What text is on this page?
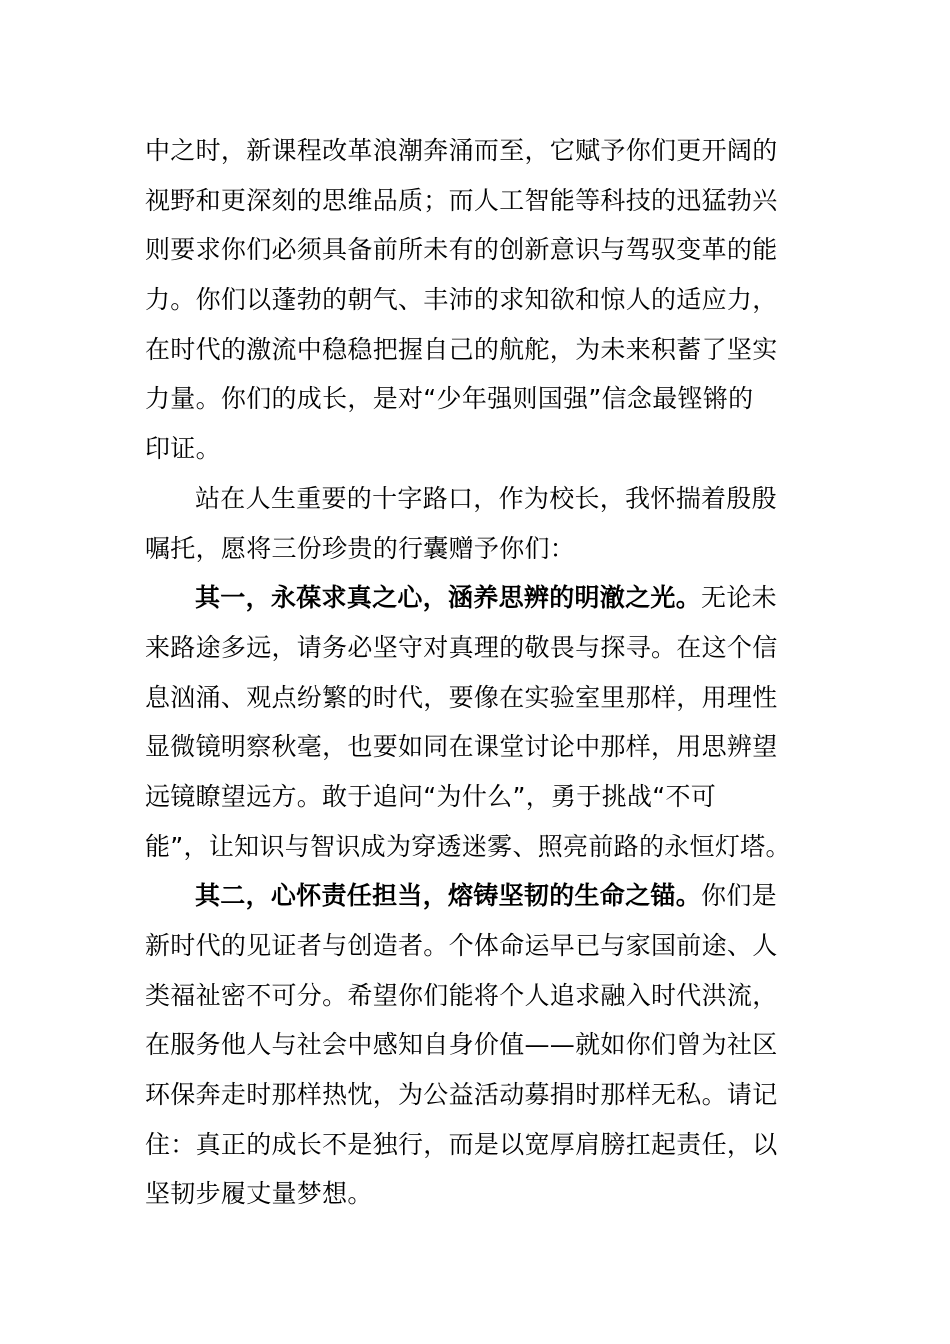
中之时，新课程改革浪潮奔涌而至，它赋予你们更开阔的
视野和更深刻的思维品质；而人工智能等科技的迅猛勃兴
则要求你们必须具备前所未有的创新意识与驾驭变革的能
力。你们以蓬勃的朝气、丰沛的求知欲和惊人的适应力，
在时代的激流中稳稳把握自己的航舵，为未来积蓄了坚实
力量。你们的成长，是对“少年强则国强”信念最铿锵的
印证。
站在人生重要的十字路口，作为校长，我怀揣着殷殷
嘱托，愿将三份珍贵的行囊赠予你们：
其一，永葆求真之心，涵养思辨的明澈之光。无论未
来路途多远，请务必坚守对真理的敬畏与探寻。在这个信
息汹涌、观点纷繁的时代，要像在实验室里那样，用理性
显微镜明察秋毫，也要如同在课堂讨论中那样，用思辨望
远镜瞭望远方。敢于追问“为什么”，勇于挑战“不可
能”，让知识与智识成为穿透迷雾、照亮前路的永恒灯塔。
其二，心怀责任担当，熔铸坚韧的生命之锚。你们是
新时代的见证者与创造者。个体命运早已与家国前途、人
类福祉密不可分。希望你们能将个人追求融入时代洪流，
在服务他人与社会中感知自身价值——就如你们曾为社区
环保奔走时那样热忱，为公益活动募捐时那样无私。请记
住：真正的成长不是独行，而是以宽厚肩膀扛起责任，以
坚韧步履丈量梦想。
